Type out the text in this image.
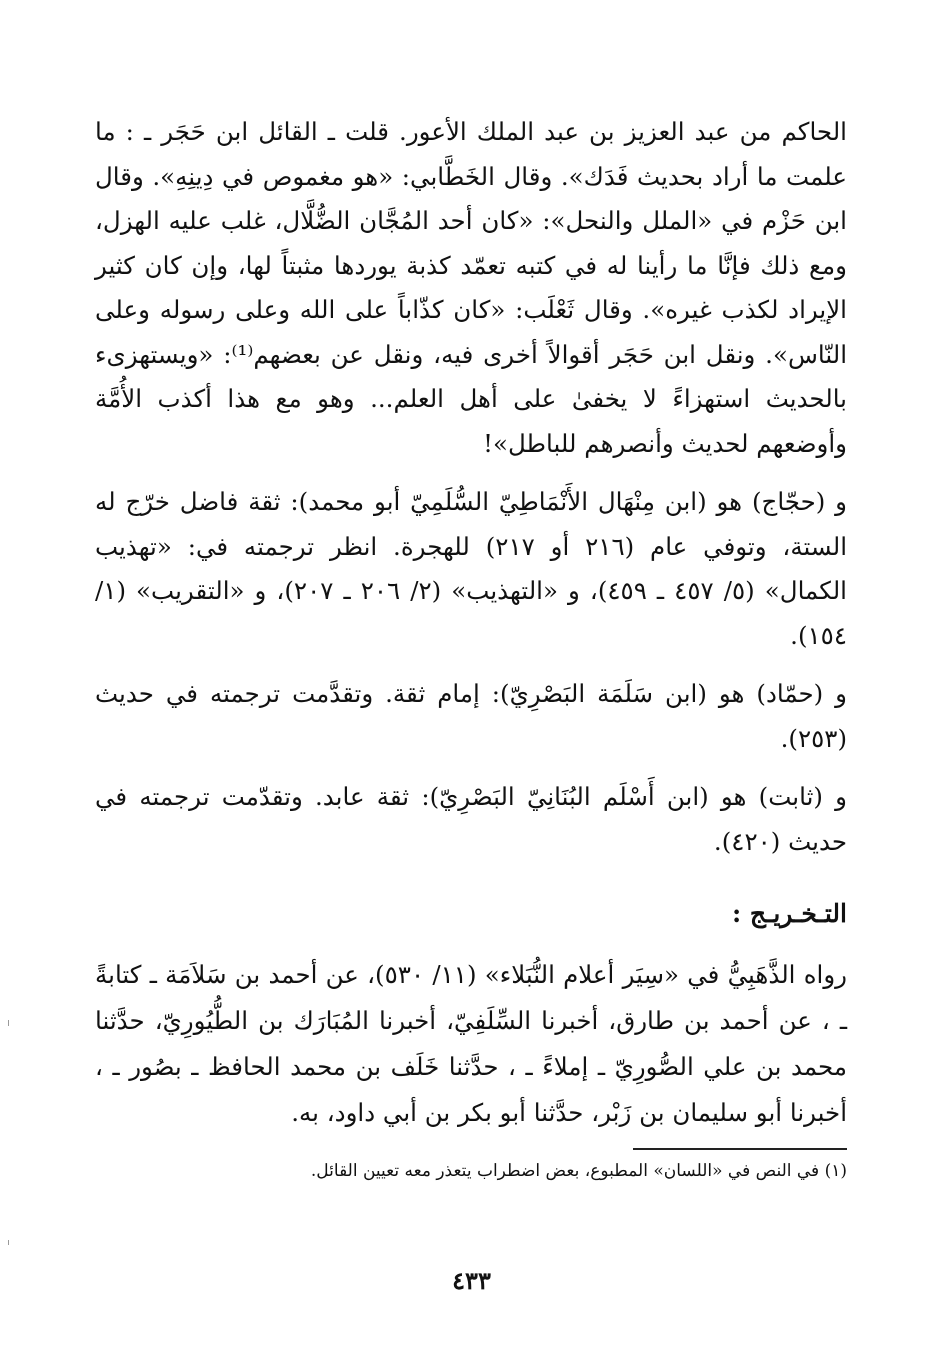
الحاكم من عبد العزيز بن عبد الملك الأعور. قلت ـ القائل ابن حَجَر ـ : ما علمت ما أراد بحديث فَدَك». وقال الخَطَّابي: «هو مغموص في دِينِهِ». وقال ابن حَزْم في «الملل والنحل»: «كان أحد المُجَّان الضُّلَّال، غلب عليه الهزل، ومع ذلك فإنَّا ما رأينا له في كتبه تعمّد كذبة يوردها مثبتاً لها، وإن كان كثير الإيراد لكذب غيره». وقال ثَعْلَب: «كان كذّاباً على الله وعلى رسوله وعلى النّاس». ونقل ابن حَجَر أقوالاً أخرى فيه، ونقل عن بعضهم⁽¹⁾: «ويستهزىء بالحديث استهزاءً لا يخفىٰ على أهل العلم... وهو مع هذا أكذب الأُمَّة وأوضعهم لحديث وأنصرهم للباطل»!

و (حجّاج) هو (ابن مِنْهَال الأَنْمَاطِيّ السُّلَمِيّ أبو محمد): ثقة فاضل خرّج له الستة، وتوفي عام (٢١٦ أو ٢١٧) للهجرة. انظر ترجمته في: «تهذيب الكمال» (٥/ ٤٥٧ ـ ٤٥٩)، و «التهذيب» (٢/ ٢٠٦ ـ ٢٠٧)، و «التقريب» (١/ ١٥٤).

و (حمّاد) هو (ابن سَلَمَة البَصْرِيّ): إمام ثقة. وتقدَّمت ترجمته في حديث (٢٥٣).

و (ثابت) هو (ابن أَسْلَم البُنَانِيّ البَصْرِيّ): ثقة عابد. وتقدّمت ترجمته في حديث (٤٢٠).

التـخـريـج :

رواه الذَّهَبِيُّ في «سِيَر أعلام النُّبَلاء» (١١/ ٥٣٠)، عن أحمد بن سَلاَمَة ـ كتابةً ـ ، عن أحمد بن طارق، أخبرنا السِّلَفِيّ، أخبرنا المُبَارَك بن الطُّيُورِيّ، حدَّثنا محمد بن علي الصُّورِيّ ـ إملاءً ـ ، حدَّثنا خَلَف بن محمد الحافظ ـ بصُور ـ ، أخبرنا أبو سليمان بن زَبْر، حدَّثنا أبو بكر بن أبي داود، به.

(١) في النص في «اللسان» المطبوع، بعض اضطراب يتعذر معه تعيين القائل.

٤٣٣
